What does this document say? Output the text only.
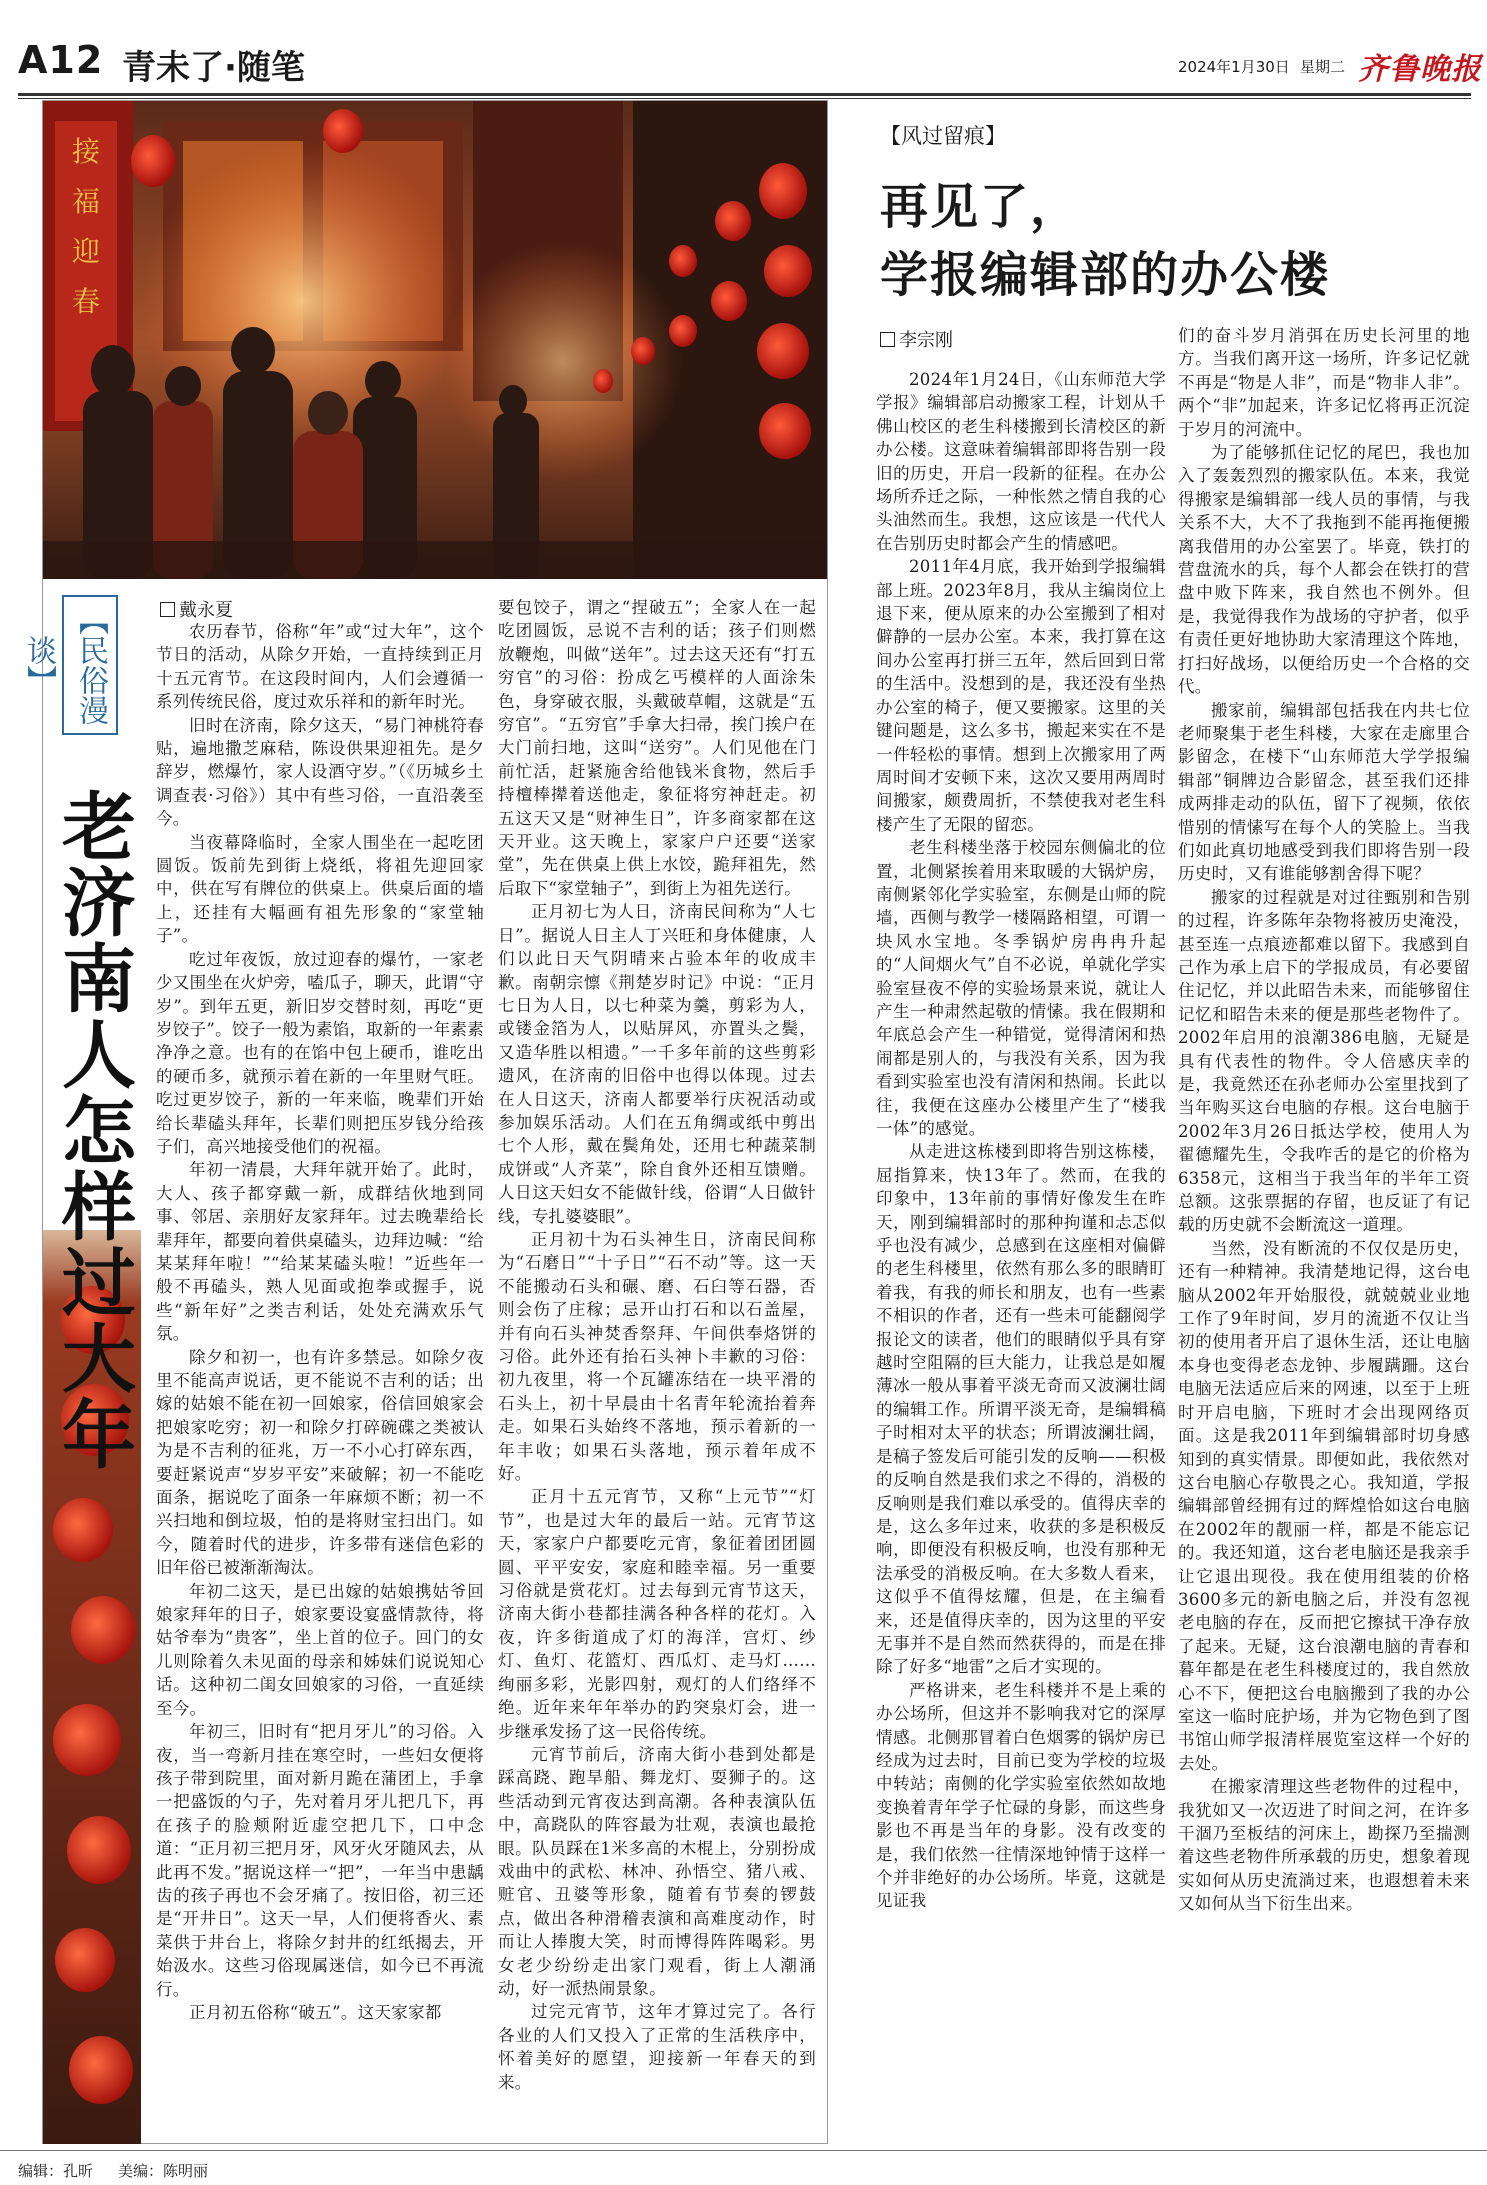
A12 青未了·随笔	2024年1月30日 星期二 齐鲁晚报
接
福
迎
春
【民俗漫谈】
老济南人怎样过大年
戴永夏

农历春节，俗称“年”或“过大年”，这个节日的活动，从除夕开始，一直持续到正月十五元宵节。在这段时间内，人们会遵循一系列传统民俗，度过欢乐祥和的新年时光。

旧时在济南，除夕这天，“易门神桃符春贴，遍地撒芝麻秸，陈设供果迎祖先。是夕辞岁，燃爆竹，家人设酒守岁。”（《历城乡土调查表·习俗》）其中有些习俗，一直沿袭至今。

当夜幕降临时，全家人围坐在一起吃团圆饭。饭前先到街上烧纸，将祖先迎回家中，供在写有牌位的供桌上。供桌后面的墙上，还挂有大幅画有祖先形象的“家堂轴子”。

吃过年夜饭，放过迎春的爆竹，一家老少又围坐在火炉旁，嗑瓜子，聊天，此谓“守岁”。到年五更，新旧岁交替时刻，再吃“更岁饺子”。饺子一般为素馅，取新的一年素素净净之意。也有的在馅中包上硬币，谁吃出的硬币多，就预示着在新的一年里财气旺。吃过更岁饺子，新的一年来临，晚辈们开始给长辈磕头拜年，长辈们则把压岁钱分给孩子们，高兴地接受他们的祝福。

年初一清晨，大拜年就开始了。此时，大人、孩子都穿戴一新，成群结伙地到同事、邻居、亲朋好友家拜年。过去晚辈给长辈拜年，都要向着供桌磕头，边拜边喊：“给某某拜年啦！”“给某某磕头啦！”近些年一般不再磕头，熟人见面或抱拳或握手，说些“新年好”之类吉利话，处处充满欢乐气氛。

除夕和初一，也有许多禁忌。如除夕夜里不能高声说话，更不能说不吉利的话；出嫁的姑娘不能在初一回娘家，俗信回娘家会把娘家吃穷；初一和除夕打碎碗碟之类被认为是不吉利的征兆，万一不小心打碎东西，要赶紧说声“岁岁平安”来破解；初一不能吃面条，据说吃了面条一年麻烦不断；初一不兴扫地和倒垃圾，怕的是将财宝扫出门。如今，随着时代的进步，许多带有迷信色彩的旧年俗已被渐渐淘汰。

年初二这天，是已出嫁的姑娘携姑爷回娘家拜年的日子，娘家要设宴盛情款待，将姑爷奉为“贵客”，坐上首的位子。回门的女儿则除着久未见面的母亲和姊妹们说说知心话。这种初二闺女回娘家的习俗，一直延续至今。

年初三，旧时有“把月牙儿”的习俗。入夜，当一弯新月挂在寒空时，一些妇女便将孩子带到院里，面对新月跪在蒲团上，手拿一把盛饭的勺子，先对着月牙儿把几下，再在孩子的脸颊附近虚空把几下，口中念道：“正月初三把月牙，风牙火牙随风去，从此再不发。”据说这样一“把”，一年当中患龋齿的孩子再也不会牙痛了。按旧俗，初三还是“开井日”。这天一早，人们便将香火、素菜供于井台上，将除夕封井的红纸揭去，开始汲水。这些习俗现属迷信，如今已不再流行。

正月初五俗称“破五”。这天家家都

要包饺子，谓之“捏破五”；全家人在一起吃团圆饭，忌说不吉利的话；孩子们则燃放鞭炮，叫做“送年”。过去这天还有“打五穷官”的习俗：扮成乞丐模样的人面涂朱色，身穿破衣服，头戴破草帽，这就是“五穷官”。“五穷官”手拿大扫帚，挨门挨户在大门前扫地，这叫“送穷”。人们见他在门前忙活，赶紧施舍给他钱米食物，然后手持檀棒撵着送他走，象征将穷神赶走。初五这天又是“财神生日”，许多商家都在这天开业。这天晚上，家家户户还要“送家堂”，先在供桌上供上水饺，跪拜祖先，然后取下“家堂轴子”，到街上为祖先送行。

正月初七为人日，济南民间称为“人七日”。据说人日主人丁兴旺和身体健康，人们以此日天气阴晴来占验本年的收成丰歉。南朝宗懔《荆楚岁时记》中说：“正月七日为人日，以七种菜为羹，剪彩为人，或镂金箔为人，以贴屏风，亦置头之鬓，又造华胜以相遗。”一千多年前的这些剪彩遗风，在济南的旧俗中也得以体现。过去在人日这天，济南人都要举行庆祝活动或参加娱乐活动。人们在五角绸或纸中剪出七个人形，戴在鬓角处，还用七种蔬菜制成饼或“人齐菜”，除自食外还相互馈赠。人日这天妇女不能做针线，俗谓“人日做针线，专扎婆婆眼”。

正月初十为石头神生日，济南民间称为“石磨日”“十子日”“石不动”等。这一天不能搬动石头和碾、磨、石臼等石器，否则会伤了庄稼；忌开山打石和以石盖屋，并有向石头神焚香祭拜、午间供奉烙饼的习俗。此外还有抬石头神卜丰歉的习俗：初九夜里，将一个瓦罐冻结在一块平滑的石头上，初十早晨由十名青年轮流抬着奔走。如果石头始终不落地，预示着新的一年丰收；如果石头落地，预示着年成不好。

正月十五元宵节，又称“上元节”“灯节”，也是过大年的最后一站。元宵节这天，家家户户都要吃元宵，象征着团团圆圆、平平安安，家庭和睦幸福。另一重要习俗就是赏花灯。过去每到元宵节这天，济南大街小巷都挂满各种各样的花灯。入夜，许多街道成了灯的海洋，宫灯、纱灯、鱼灯、花篮灯、西瓜灯、走马灯……绚丽多彩，光影四射，观灯的人们络绎不绝。近年来年年举办的趵突泉灯会，进一步继承发扬了这一民俗传统。

元宵节前后，济南大街小巷到处都是踩高跷、跑旱船、舞龙灯、耍狮子的。这些活动到元宵夜达到高潮。各种表演队伍中，高跷队的阵容最为壮观，表演也最抢眼。队员踩在1米多高的木棍上，分别扮成戏曲中的武松、林冲、孙悟空、猪八戒、赃官、丑婆等形象，随着有节奏的锣鼓点，做出各种滑稽表演和高难度动作，时而让人捧腹大笑，时而博得阵阵喝彩。男女老少纷纷走出家门观看，街上人潮涌动，好一派热闹景象。

过完元宵节，这年才算过完了。各行各业的人们又投入了正常的生活秩序中，怀着美好的愿望，迎接新一年春天的到来。

【风过留痕】
再见了，
学报编辑部的办公楼
李宗刚

2024年1月24日，《山东师范大学学报》编辑部启动搬家工程，计划从千佛山校区的老生科楼搬到长清校区的新办公楼。这意味着编辑部即将告别一段旧的历史，开启一段新的征程。在办公场所乔迁之际，一种怅然之情自我的心头油然而生。我想，这应该是一代代人在告别历史时都会产生的情感吧。

2011年4月底，我开始到学报编辑部上班。2023年8月，我从主编岗位上退下来，便从原来的办公室搬到了相对僻静的一层办公室。本来，我打算在这间办公室再打拼三五年，然后回到日常的生活中。没想到的是，我还没有坐热办公室的椅子，便又要搬家。这里的关键问题是，这么多书，搬起来实在不是一件轻松的事情。想到上次搬家用了两周时间才安顿下来，这次又要用两周时间搬家，颇费周折，不禁使我对老生科楼产生了无限的留恋。

老生科楼坐落于校园东侧偏北的位置，北侧紧挨着用来取暖的大锅炉房，南侧紧邻化学实验室，东侧是山师的院墙，西侧与教学一楼隔路相望，可谓一块风水宝地。冬季锅炉房冉冉升起的“人间烟火气”自不必说，单就化学实验室昼夜不停的实验场景来说，就让人产生一种肃然起敬的情愫。我在假期和年底总会产生一种错觉，觉得清闲和热闹都是别人的，与我没有关系，因为我看到实验室也没有清闲和热闹。长此以往，我便在这座办公楼里产生了“楼我一体”的感觉。

从走进这栋楼到即将告别这栋楼，屈指算来，快13年了。然而，在我的印象中，13年前的事情好像发生在昨天，刚到编辑部时的那种拘谨和忐忑似乎也没有减少，总感到在这座相对偏僻的老生科楼里，依然有那么多的眼睛盯着我，有我的师长和朋友，也有一些素不相识的作者，还有一些未可能翻阅学报论文的读者，他们的眼睛似乎具有穿越时空阻隔的巨大能力，让我总是如履薄冰一般从事着平淡无奇而又波澜壮阔的编辑工作。所谓平淡无奇，是编辑稿子时相对太平的状态；所谓波澜壮阔，是稿子签发后可能引发的反响——积极的反响自然是我们求之不得的，消极的反响则是我们难以承受的。值得庆幸的是，这么多年过来，收获的多是积极反响，即便没有积极反响，也没有那种无法承受的消极反响。在大多数人看来，这似乎不值得炫耀，但是，在主编看来，还是值得庆幸的，因为这里的平安无事并不是自然而然获得的，而是在排除了好多“地雷”之后才实现的。

严格讲来，老生科楼并不是上乘的办公场所，但这并不影响我对它的深厚情感。北侧那冒着白色烟雾的锅炉房已经成为过去时，目前已变为学校的垃圾中转站；南侧的化学实验室依然如故地变换着青年学子忙碌的身影，而这些身影也不再是当年的身影。没有改变的是，我们依然一往情深地钟情于这样一个并非绝好的办公场所。毕竟，这就是见证我

们的奋斗岁月消弭在历史长河里的地方。当我们离开这一场所，许多记忆就不再是“物是人非”，而是“物非人非”。两个“非”加起来，许多记忆将再正沉淀于岁月的河流中。

为了能够抓住记忆的尾巴，我也加入了轰轰烈烈的搬家队伍。本来，我觉得搬家是编辑部一线人员的事情，与我关系不大，大不了我拖到不能再拖便搬离我借用的办公室罢了。毕竟，铁打的营盘流水的兵，每个人都会在铁打的营盘中败下阵来，我自然也不例外。但是，我觉得我作为战场的守护者，似乎有责任更好地协助大家清理这个阵地，打扫好战场，以便给历史一个合格的交代。

搬家前，编辑部包括我在内共七位老师聚集于老生科楼，大家在走廊里合影留念，在楼下“山东师范大学学报编辑部”铜牌边合影留念，甚至我们还排成两排走动的队伍，留下了视频，依依惜别的情愫写在每个人的笑脸上。当我们如此真切地感受到我们即将告别一段历史时，又有谁能够割舍得下呢？

搬家的过程就是对过往甄别和告别的过程，许多陈年杂物将被历史淹没，甚至连一点痕迹都难以留下。我感到自己作为承上启下的学报成员，有必要留住记忆，并以此昭告未来，而能够留住记忆和昭告未来的便是那些老物件了。2002年启用的浪潮386电脑，无疑是具有代表性的物件。令人倍感庆幸的是，我竟然还在孙老师办公室里找到了当年购买这台电脑的存根。这台电脑于2002年3月26日抵达学校，使用人为翟德耀先生，令我咋舌的是它的价格为6358元，这相当于我当年的半年工资总额。这张票据的存留，也反证了有记载的历史就不会断流这一道理。

当然，没有断流的不仅仅是历史，还有一种精神。我清楚地记得，这台电脑从2002年开始服役，就兢兢业业地工作了9年时间，岁月的流逝不仅让当初的使用者开启了退休生活，还让电脑本身也变得老态龙钟、步履蹒跚。这台电脑无法适应后来的网速，以至于上班时开启电脑，下班时才会出现网络页面。这是我2011年到编辑部时切身感知到的真实情景。即便如此，我依然对这台电脑心存敬畏之心。我知道，学报编辑部曾经拥有过的辉煌恰如这台电脑在2002年的靓丽一样，都是不能忘记的。我还知道，这台老电脑还是我亲手让它退出现役。我在使用组装的价格3600多元的新电脑之后，并没有忽视老电脑的存在，反而把它擦拭干净存放了起来。无疑，这台浪潮电脑的青春和暮年都是在老生科楼度过的，我自然放心不下，便把这台电脑搬到了我的办公室这一临时庇护场，并为它物色到了图书馆山师学报清样展览室这样一个好的去处。

在搬家清理这些老物件的过程中，我犹如又一次迈进了时间之河，在许多干涸乃至板结的河床上，勘探乃至揣测着这些老物件所承载的历史，想象着现实如何从历史流淌过来，也遐想着未来又如何从当下衍生出来。

编辑：孔昕 美编：陈明丽
